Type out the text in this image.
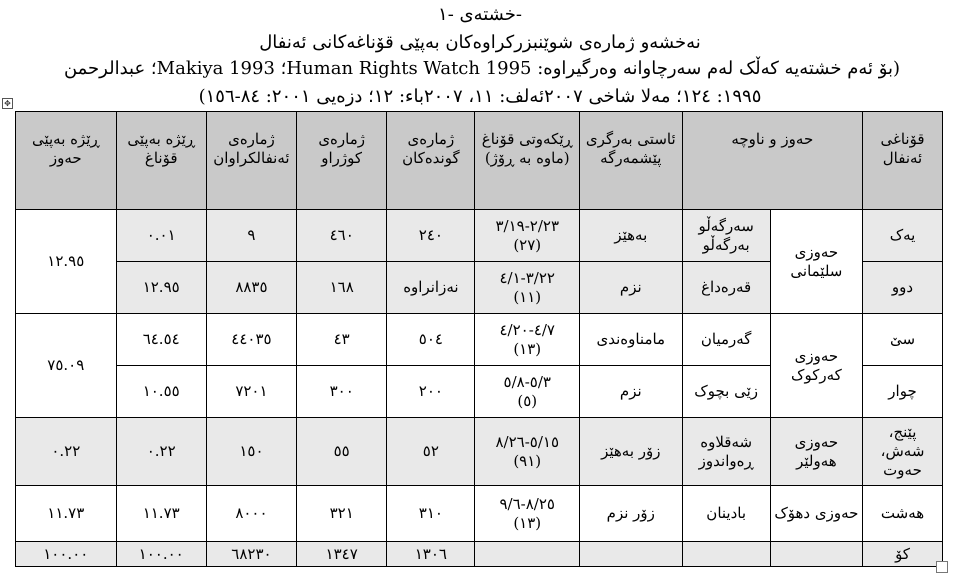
خشتەی -١-
نەخشەو ژمارەی شوێنبزرکراوەکان بەپێی قۆناغەکانی ئەنفال
(بۆ ئەم خشتەیە کەڵک لەم سەرچاوانە وەرگیراوە: Human Rights Watch 1995؛ Makiya 1993؛ عبدالرحمن
١٩٩٥: ١٢٤؛ مەلا شاخی ٢٠٠٧ئەلف: ١١، ٢٠٠٧باء: ١٢؛ دزەیی ٢٠٠١: ٨٤-١٥٦)
✥
قۆناغی ئەنفال	حەوز و ناوچە		ئاستی بەرگری پێشمەرگە	ڕێکەوتی قۆناغ (ماوە بە ڕۆژ)	ژمارەی گوندەکان	ژمارەی کوژراو	ژمارەی ئەنفالکراوان	ڕێژە بەپێی قۆناغ	ڕێژە بەپێی حەوز
یەک	حەوزی سلێمانی	سەرگەڵو بەرگەڵو	بەهێز	٢/٢٣-٣/١٩
(٢٧)	٢٤٠	٤٦٠	٩	٠.٠١	١٢.٩٥
دوو		قەرەداغ	نزم	٣/٢٢-٤/١
(١١)	نەزانراوە	١٦٨	٨٨٣٥	١٢.٩٥	
سێ	حەوزی کەرکوک	گەرمیان	مامناوەندی	٤/٧-٤/٢٠
(١٣)	٥٠٤	٤٣	٤٤٠٣٥	٦٤.٥٤	٧٥.٠٩
چوار		زێی بچوک	نزم	٥/٣-٥/٨
(٥)	٢٠٠	٣٠٠	٧٢٠١	١٠.٥٥	
پێنج، شەش، حەوت	حەوزی هەولێر	شەقلاوە ڕەواندوز	زۆر بەهێز	٥/١٥-٨/٢٦
(٩١)	٥٢	٥٥	١٥٠	٠.٢٢	٠.٢٢
هەشت	حەوزی دهۆک	بادینان	زۆر نزم	٨/٢٥-٩/٦
(١٣)	٣١٠	٣٢١	٨٠٠٠	١١.٧٣	١١.٧٣
کۆ					١٣٠٦	١٣٤٧	٦٨٢٣٠	١٠٠.٠٠	١٠٠.٠٠
